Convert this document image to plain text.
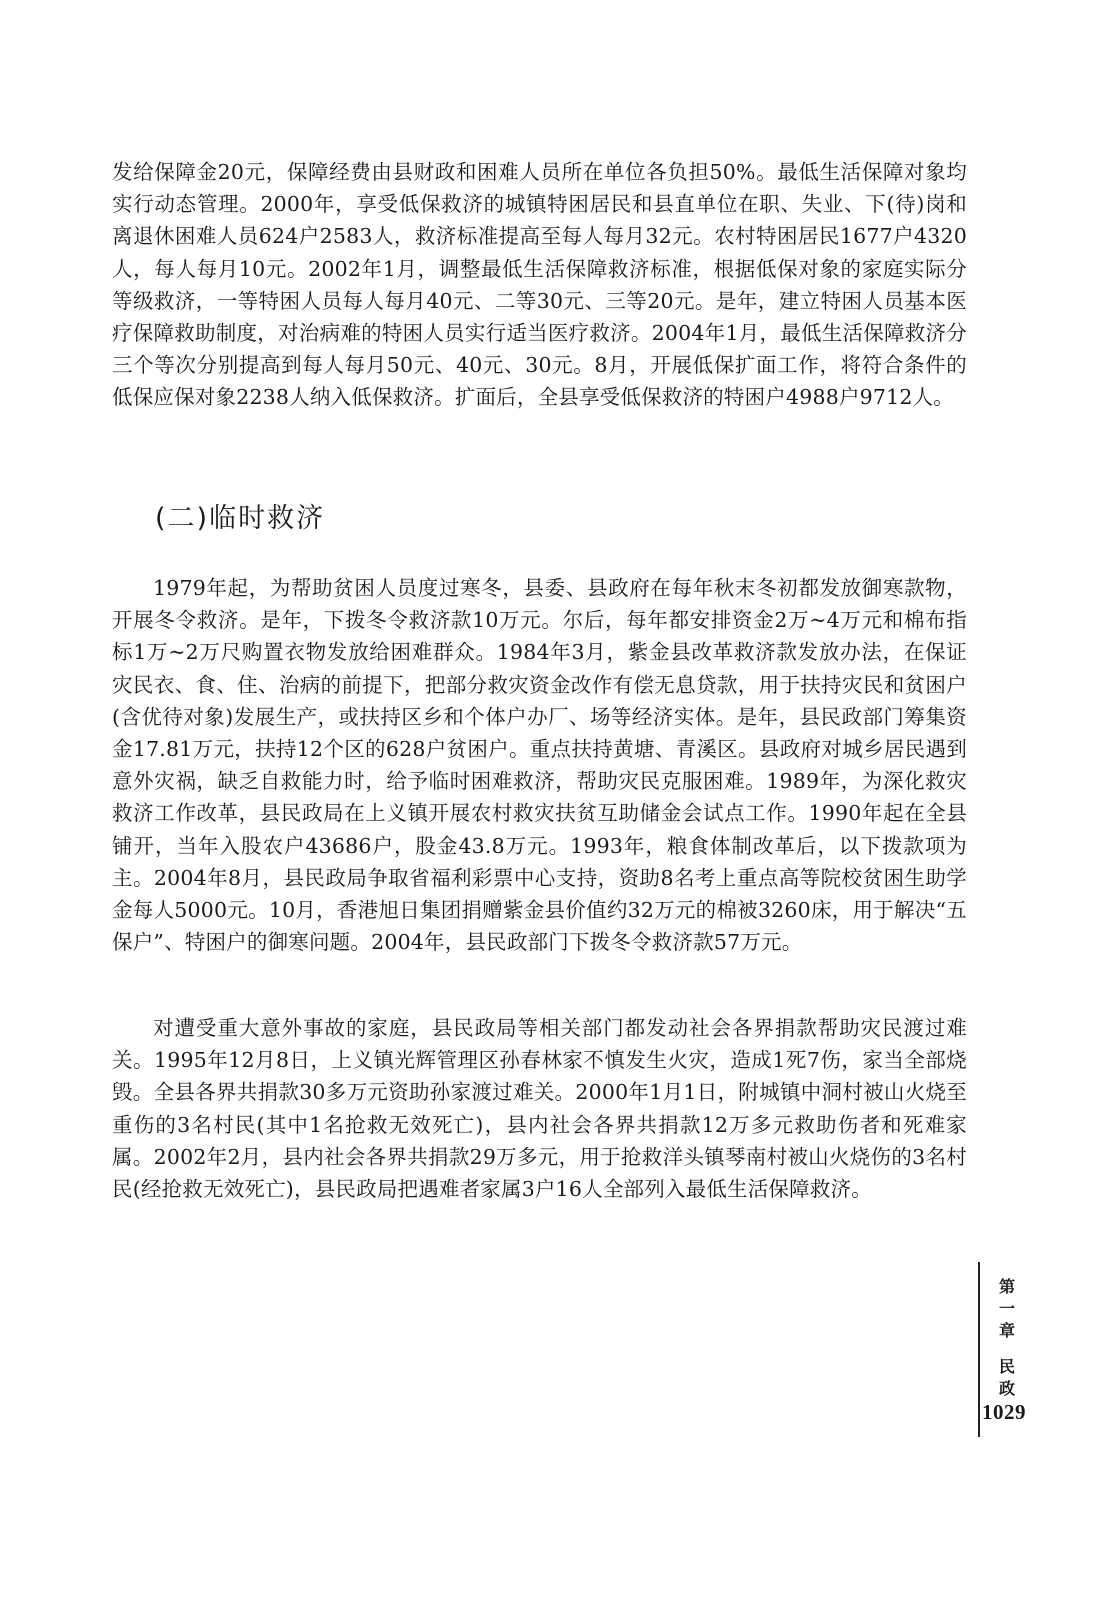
发给保障金20元，保障经费由县财政和困难人员所在单位各负担50%。最低生活保障对象均实行动态管理。2000年，享受低保救济的城镇特困居民和县直单位在职、失业、下(待)岗和离退休困难人员624户2583人，救济标准提高至每人每月32元。农村特困居民1677户4320人，每人每月10元。2002年1月，调整最低生活保障救济标准，根据低保对象的家庭实际分等级救济，一等特困人员每人每月40元、二等30元、三等20元。是年，建立特困人员基本医疗保障救助制度，对治病难的特困人员实行适当医疗救济。2004年1月，最低生活保障救济分三个等次分别提高到每人每月50元、40元、30元。8月，开展低保扩面工作，将符合条件的低保应保对象2238人纳入低保救济。扩面后，全县享受低保救济的特困户4988户9712人。

(二)临时救济

1979年起，为帮助贫困人员度过寒冬，县委、县政府在每年秋末冬初都发放御寒款物，开展冬令救济。是年，下拨冬令救济款10万元。尔后，每年都安排资金2万~4万元和棉布指标1万~2万尺购置衣物发放给困难群众。1984年3月，紫金县改革救济款发放办法，在保证灾民衣、食、住、治病的前提下，把部分救灾资金改作有偿无息贷款，用于扶持灾民和贫困户(含优待对象)发展生产，或扶持区乡和个体户办厂、场等经济实体。是年，县民政部门筹集资金17.81万元，扶持12个区的628户贫困户。重点扶持黄塘、青溪区。县政府对城乡居民遇到意外灾祸，缺乏自救能力时，给予临时困难救济，帮助灾民克服困难。1989年，为深化救灾救济工作改革，县民政局在上义镇开展农村救灾扶贫互助储金会试点工作。1990年起在全县铺开，当年入股农户43686户，股金43.8万元。1993年，粮食体制改革后，以下拨款项为主。2004年8月，县民政局争取省福利彩票中心支持，资助8名考上重点高等院校贫困生助学金每人5000元。10月，香港旭日集团捐赠紫金县价值约32万元的棉被3260床，用于解决“五保户”、特困户的御寒问题。2004年，县民政部门下拨冬令救济款57万元。

对遭受重大意外事故的家庭，县民政局等相关部门都发动社会各界捐款帮助灾民渡过难关。1995年12月8日，上义镇光辉管理区孙春林家不慎发生火灾，造成1死7伤，家当全部烧毁。全县各界共捐款30多万元资助孙家渡过难关。2000年1月1日，附城镇中洞村被山火烧至重伤的3名村民(其中1名抢救无效死亡)，县内社会各界共捐款12万多元救助伤者和死难家属。2002年2月，县内社会各界共捐款29万多元，用于抢救洋头镇琴南村被山火烧伤的3名村民(经抢救无效死亡)，县民政局把遇难者家属3户16人全部列入最低生活保障救济。

第
一
章
民
政
1029
